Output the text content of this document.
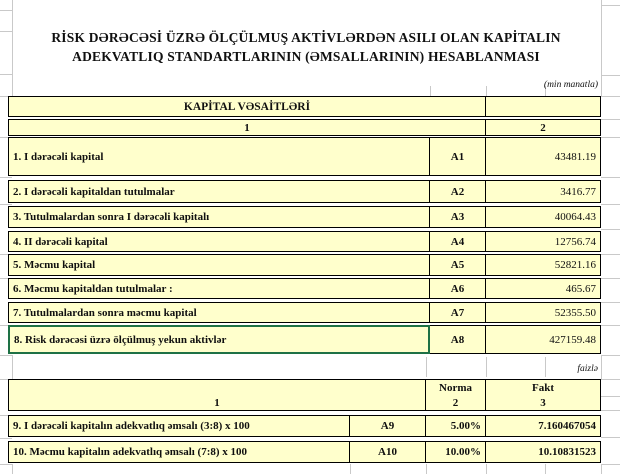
RİSK DƏRƏCƏSİ ÜZRƏ ÖLÇÜLMUŞ AKTİVLƏRDƏN ASILI OLAN KAPİTALIN
ADEKVATLIQ STANDARTLARININ (ƏMSALLARININ) HESABLANMASI
(min manatla)
KAPİTAL VƏSAİTLƏRİ
1	2
1. I dərəcəli kapital	A1	43481.19
2. I dərəcəli kapitaldan tutulmalar	A2	3416.77
3. Tutulmalardan sonra I dərəcəli kapitalı	A3	40064.43
4. II dərəcəli kapital	A4	12756.74
5. Məcmu kapital	A5	52821.16
6. Məcmu kapitaldan tutulmalar :	A6	465.67
7. Tutulmalardan sonra məcmu kapital	A7	52355.50
8. Risk dərəcəsi üzrə ölçülmuş yekun aktivlər	A8	427159.48
faizlə
Norma	Fakt
1	2	3
9. I dərəcəli kapitalın adekvatlıq əmsalı (3:8) x 100	A9	5.00%	7.160467054
10. Məcmu kapitalın adekvatlıq əmsalı (7:8) x 100	A10	10.00%	10.10831523
